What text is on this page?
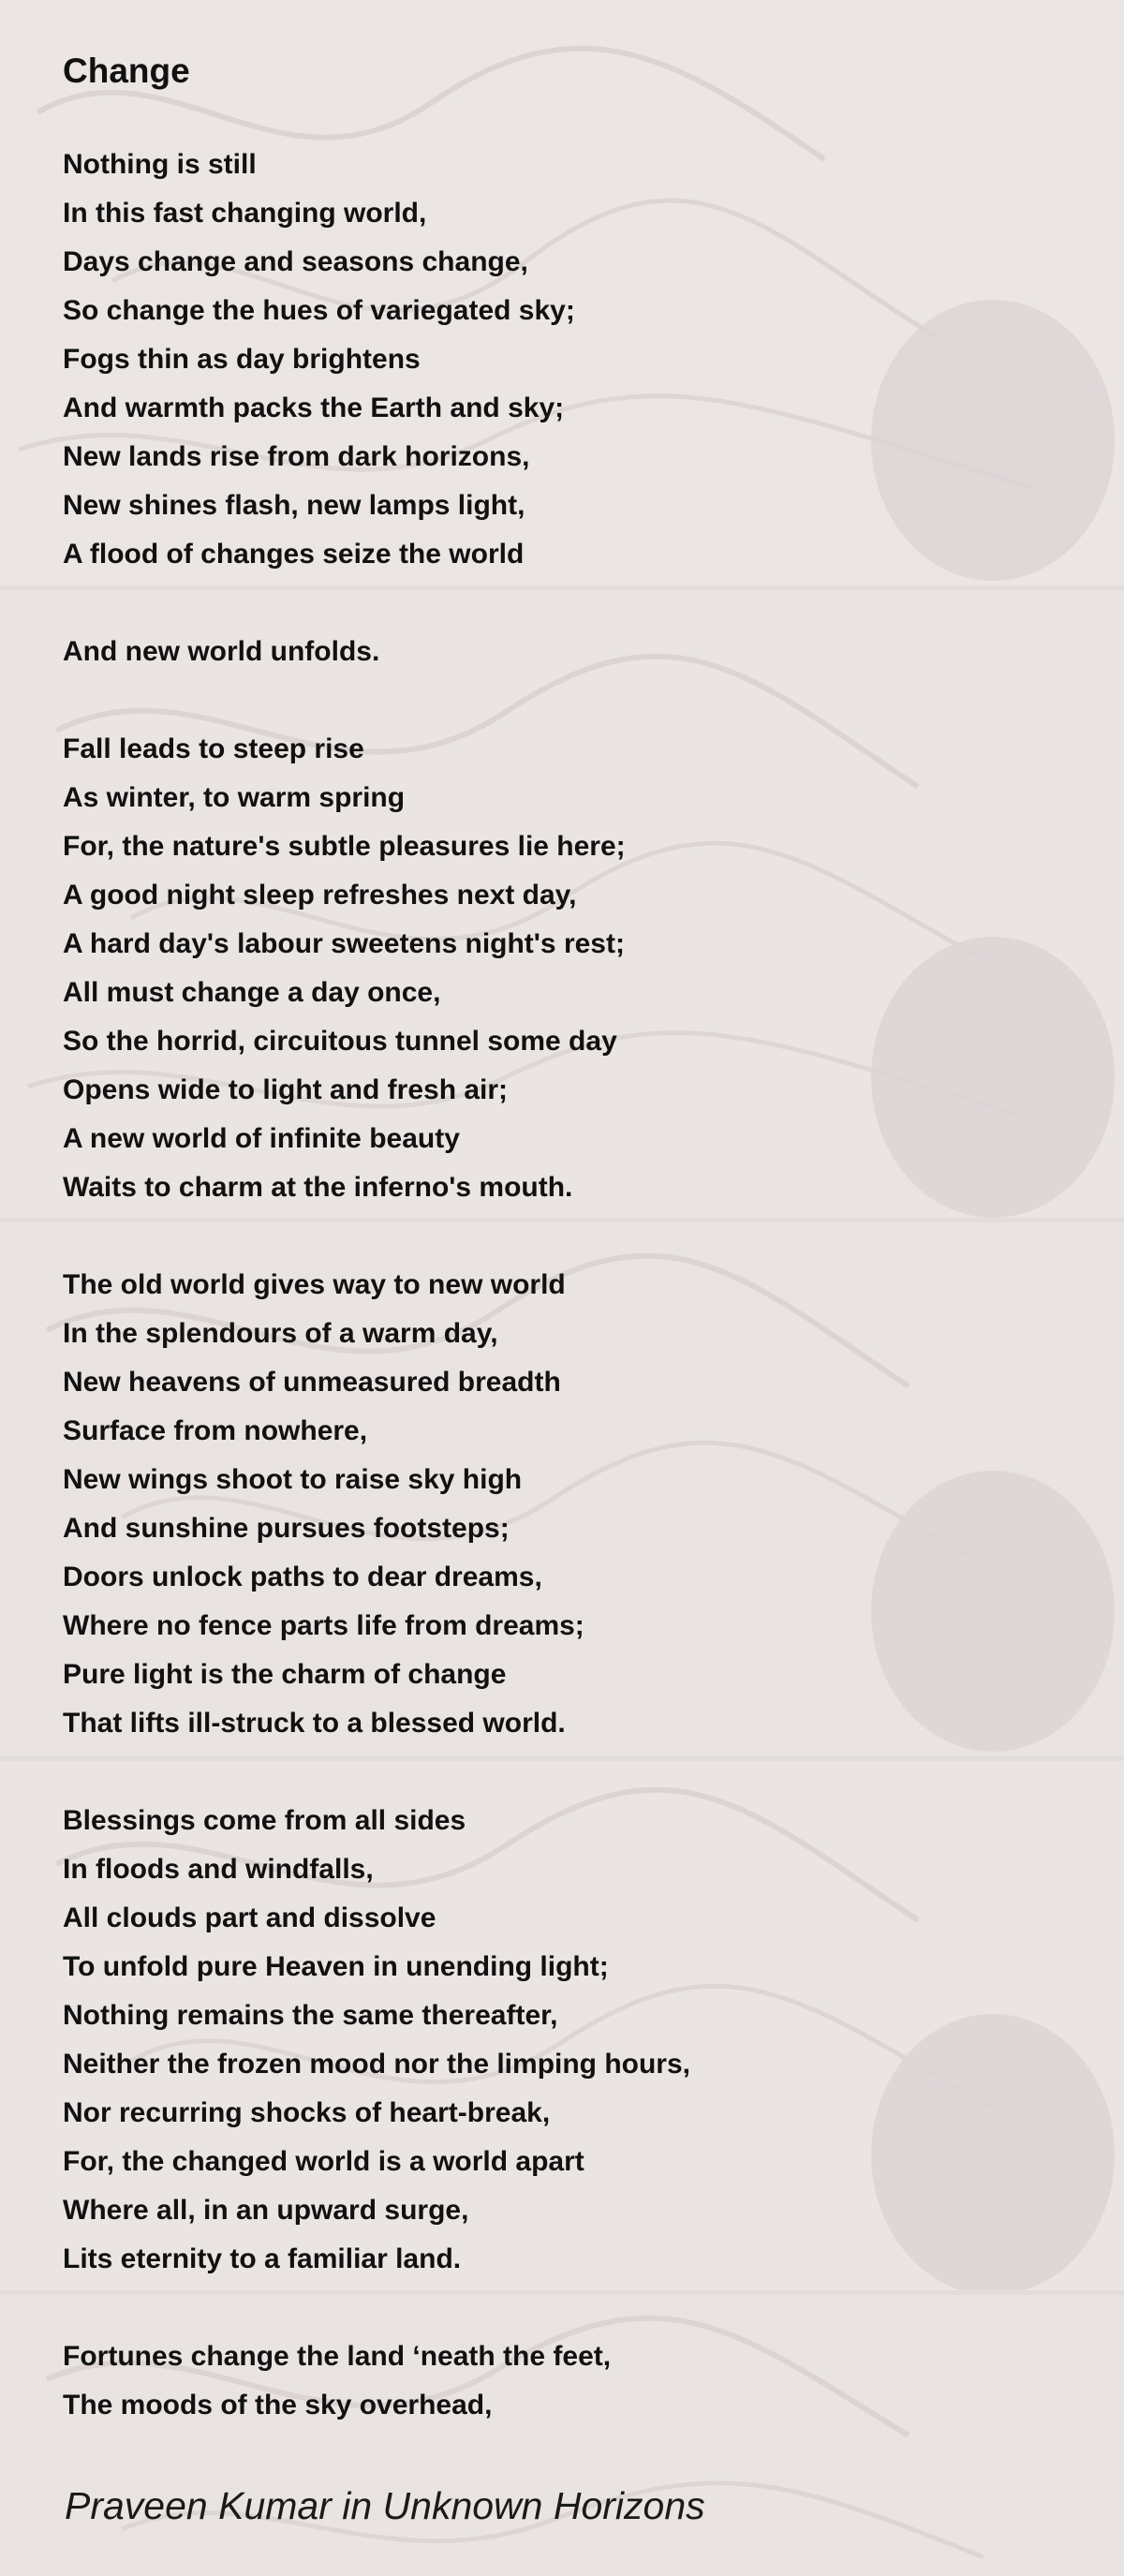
Change
Nothing is still
In this fast changing world,
Days change and seasons change,
So change the hues of variegated sky;
Fogs thin as day brightens
And warmth packs the Earth and sky;
New lands rise from dark horizons,
New shines flash, new lamps light,
A flood of changes seize the world
And new world unfolds.
Fall leads to steep rise
As winter, to warm spring
For, the nature's subtle pleasures lie here;
A good night sleep refreshes next day,
A hard day's labour sweetens night's rest;
All must change a day once,
So the horrid, circuitous tunnel some day
Opens wide to light and fresh air;
A new world of infinite beauty
Waits to charm at the inferno's mouth.
The old world gives way to new world
In the splendours of a warm day,
New heavens of unmeasured breadth
Surface from nowhere,
New wings shoot to raise sky high
And sunshine pursues footsteps;
Doors unlock paths to dear dreams,
Where no fence parts life from dreams;
Pure light is the charm of change
That lifts ill-struck to a blessed world.
Blessings come from all sides
In floods and windfalls,
All clouds part and dissolve
To unfold pure Heaven in unending light;
Nothing remains the same thereafter,
Neither the frozen mood nor the limping hours,
Nor recurring shocks of heart-break,
For, the changed world is a world apart
Where all, in an upward surge,
Lits eternity to a familiar land.
Fortunes change the land ‘neath the feet,
The moods of the sky overhead,
Praveen Kumar in Unknown Horizons
